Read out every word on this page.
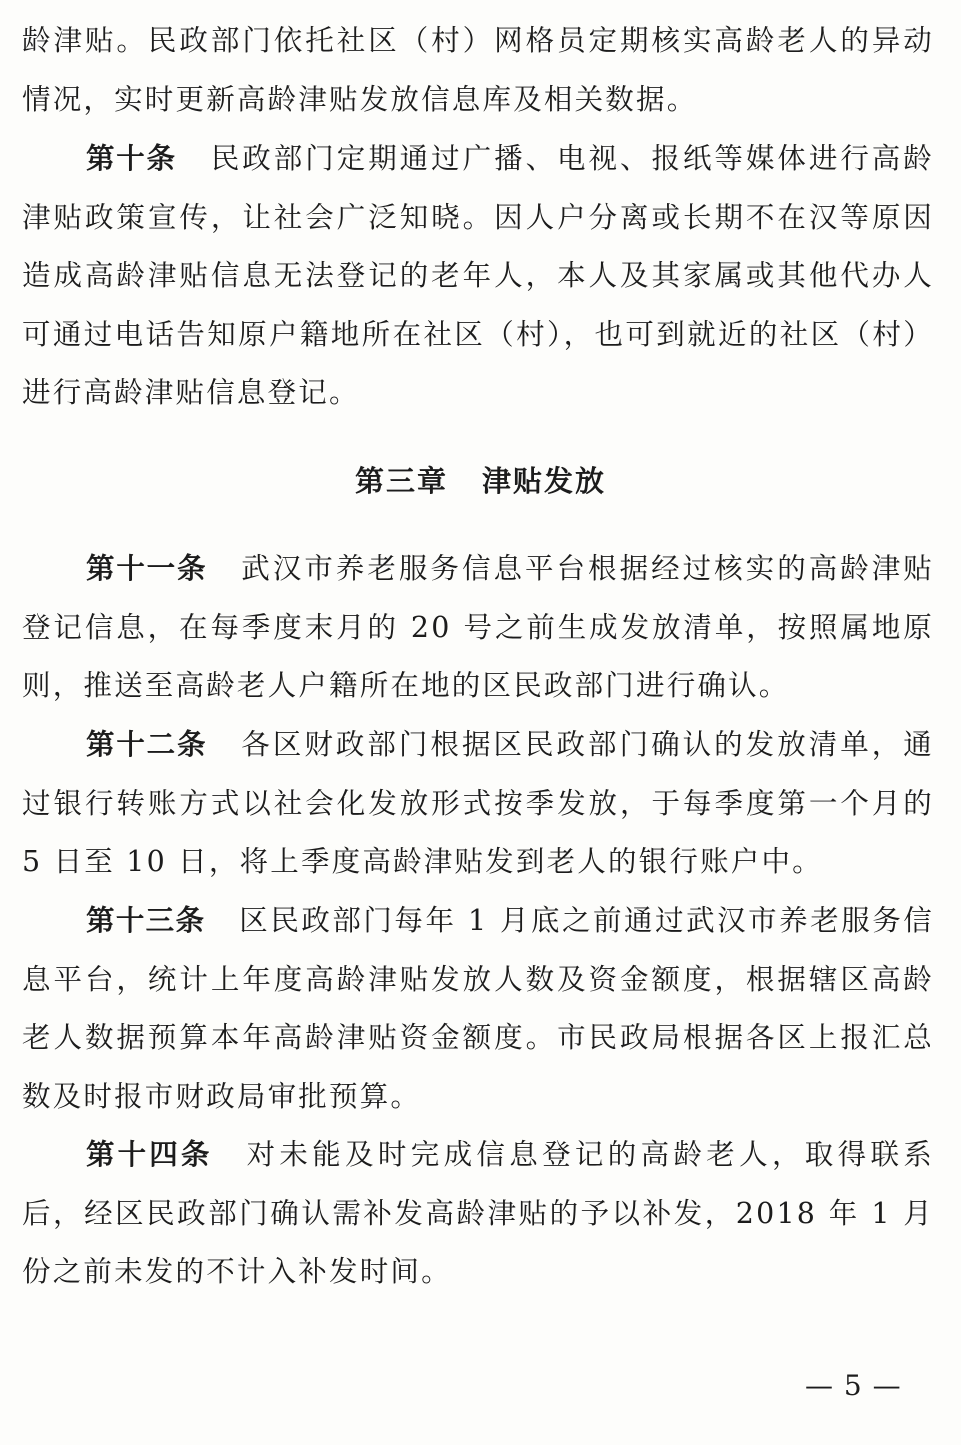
龄津贴。民政部门依托社区（村）网格员定期核实高龄老人的异动情况，实时更新高龄津贴发放信息库及相关数据。

第十条 民政部门定期通过广播、电视、报纸等媒体进行高龄津贴政策宣传，让社会广泛知晓。因人户分离或长期不在汉等原因造成高龄津贴信息无法登记的老年人，本人及其家属或其他代办人可通过电话告知原户籍地所在社区（村），也可到就近的社区（村）进行高龄津贴信息登记。

第三章 津贴发放

第十一条 武汉市养老服务信息平台根据经过核实的高龄津贴登记信息，在每季度末月的 20 号之前生成发放清单，按照属地原则，推送至高龄老人户籍所在地的区民政部门进行确认。

第十二条 各区财政部门根据区民政部门确认的发放清单，通过银行转账方式以社会化发放形式按季发放，于每季度第一个月的 5 日至 10 日，将上季度高龄津贴发到老人的银行账户中。

第十三条 区民政部门每年 1 月底之前通过武汉市养老服务信息平台，统计上年度高龄津贴发放人数及资金额度，根据辖区高龄老人数据预算本年高龄津贴资金额度。市民政局根据各区上报汇总数及时报市财政局审批预算。

第十四条 对未能及时完成信息登记的高龄老人，取得联系后，经区民政部门确认需补发高龄津贴的予以补发，2018 年 1 月份之前未发的不计入补发时间。

— 5 —
